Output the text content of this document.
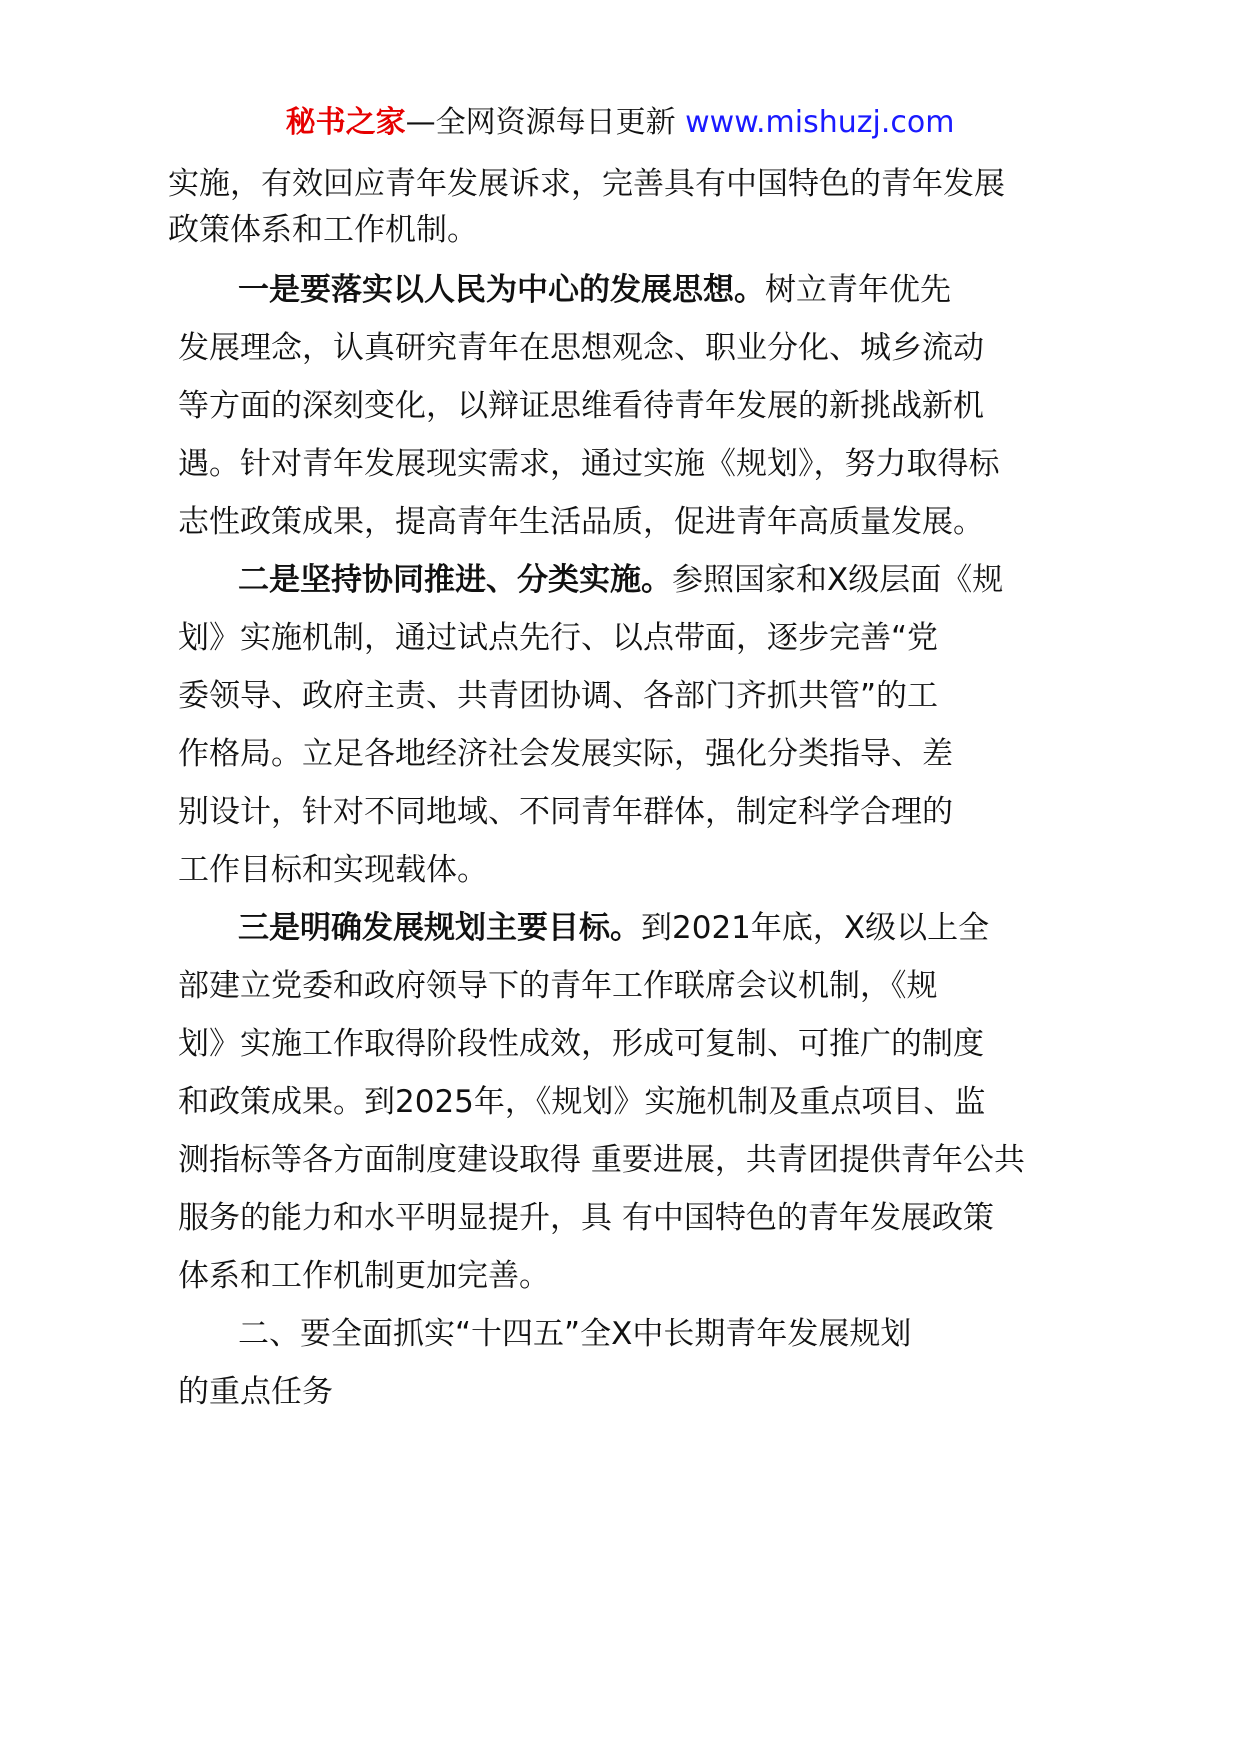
秘书之家—全网资源每日更新 www.mishuzj.com
实施，有效回应青年发展诉求，完善具有中国特色的青年发展
政策体系和工作机制。
一是要落实以人民为中心的发展思想。树立青年优先
发展理念，认真研究青年在思想观念、职业分化、城乡流动
等方面的深刻变化，以辩证思维看待青年发展的新挑战新机
遇。针对青年发展现实需求，通过实施《规划》，努力取得标
志性政策成果，提高青年生活品质，促进青年高质量发展。
二是坚持协同推进、分类实施。参照国家和X级层面《规
划》实施机制，通过试点先行、以点带面，逐步完善“党
委领导、政府主责、共青团协调、各部门齐抓共管”的工
作格局。立足各地经济社会发展实际，强化分类指导、差
别设计，针对不同地域、不同青年群体，制定科学合理的
工作目标和实现载体。
三是明确发展规划主要目标。到2021年底，X级以上全
部建立党委和政府领导下的青年工作联席会议机制，《规
划》实施工作取得阶段性成效，形成可复制、可推广的制度
和政策成果。到2025年，《规划》实施机制及重点项目、监
测指标等各方面制度建设取得 重要进展，共青团提供青年公共
服务的能力和水平明显提升，具 有中国特色的青年发展政策
体系和工作机制更加完善。
二、要全面抓实“十四五”全X中长期青年发展规划
的重点任务
